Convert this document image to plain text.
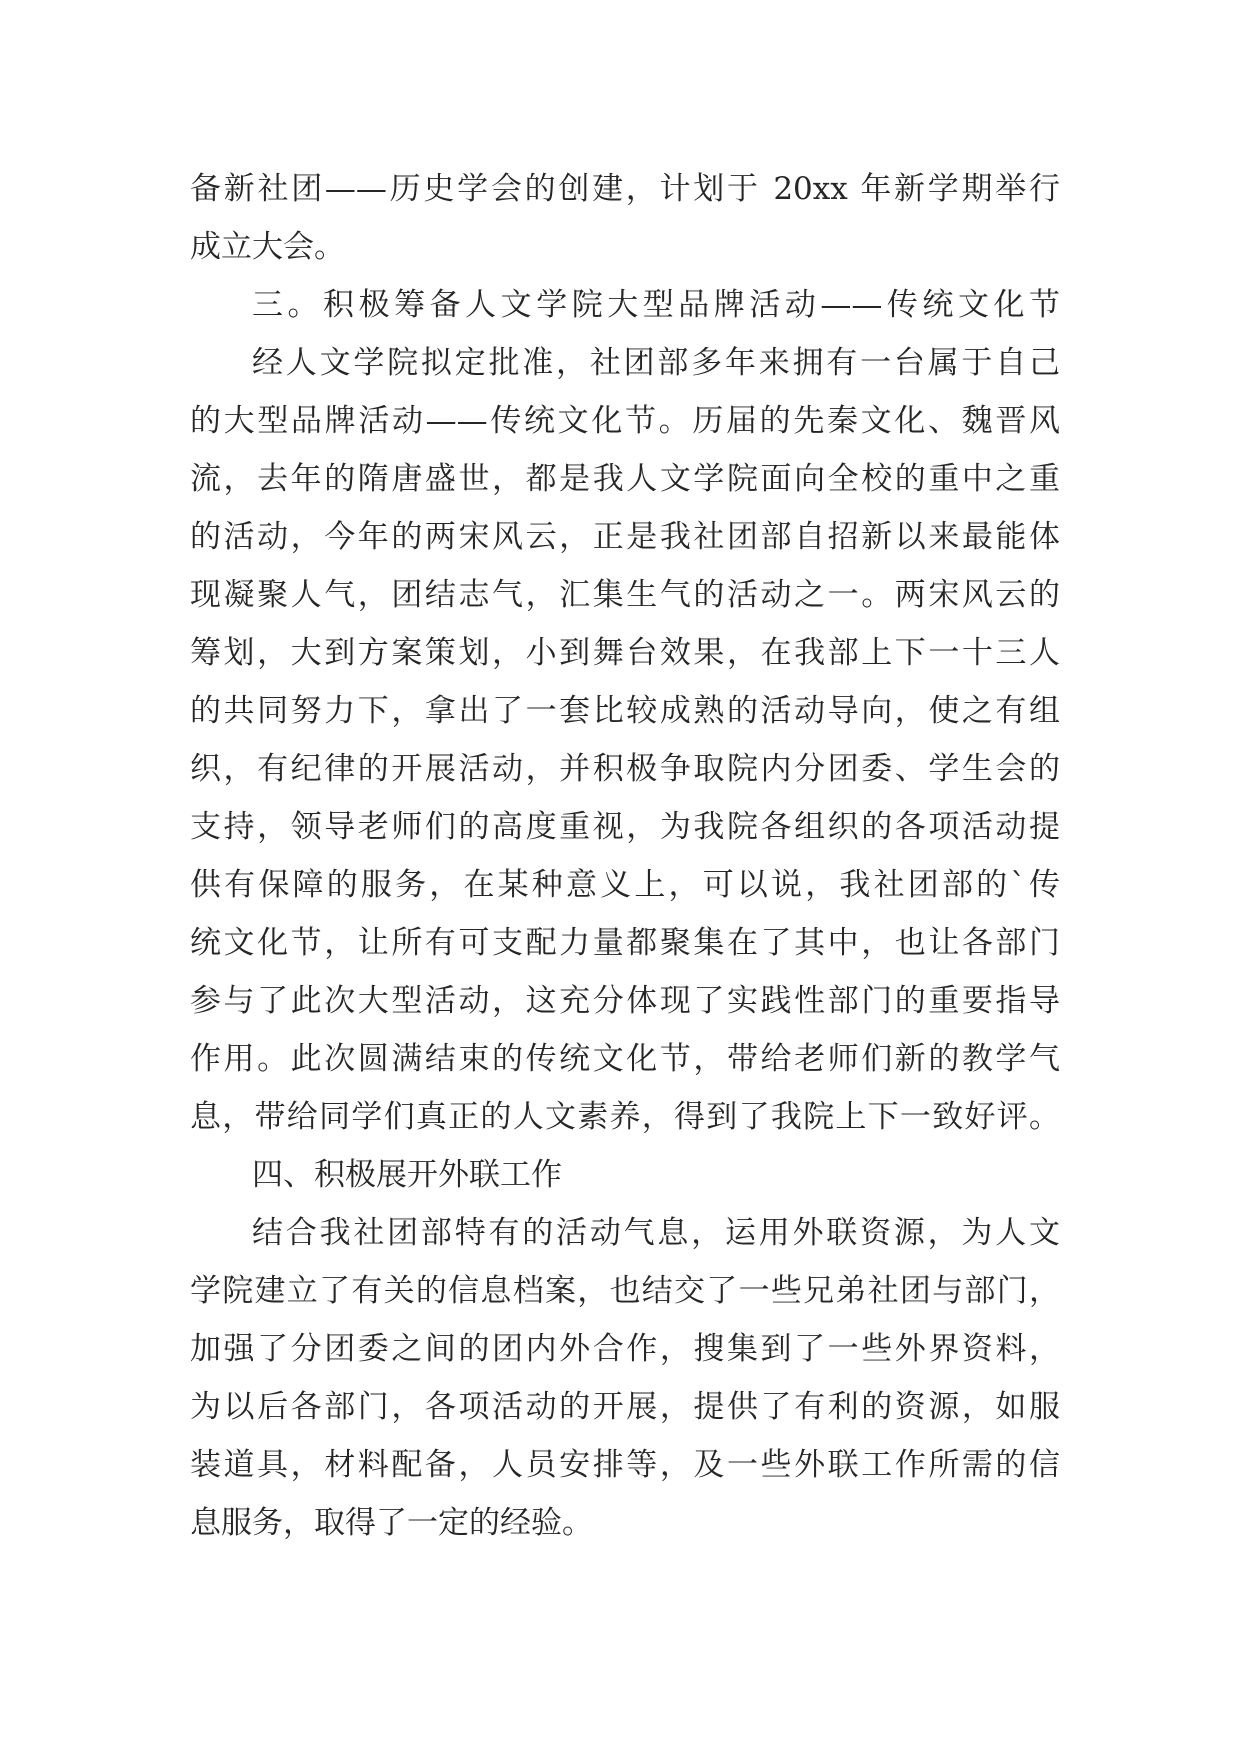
备新社团——历史学会的创建，计划于 20xx 年新学期举行
成立大会。
三。积极筹备人文学院大型品牌活动——传统文化节
经人文学院拟定批准，社团部多年来拥有一台属于自己
的大型品牌活动——传统文化节。历届的先秦文化、魏晋风
流，去年的隋唐盛世，都是我人文学院面向全校的重中之重
的活动，今年的两宋风云，正是我社团部自招新以来最能体
现凝聚人气，团结志气，汇集生气的活动之一。两宋风云的
筹划，大到方案策划，小到舞台效果，在我部上下一十三人
的共同努力下，拿出了一套比较成熟的活动导向，使之有组
织，有纪律的开展活动，并积极争取院内分团委、学生会的
支持，领导老师们的高度重视，为我院各组织的各项活动提
供有保障的服务，在某种意义上，可以说，我社团部的`传
统文化节，让所有可支配力量都聚集在了其中，也让各部门
参与了此次大型活动，这充分体现了实践性部门的重要指导
作用。此次圆满结束的传统文化节，带给老师们新的教学气
息，带给同学们真正的人文素养，得到了我院上下一致好评。
四、积极展开外联工作
结合我社团部特有的活动气息，运用外联资源，为人文
学院建立了有关的信息档案，也结交了一些兄弟社团与部门，
加强了分团委之间的团内外合作，搜集到了一些外界资料，
为以后各部门，各项活动的开展，提供了有利的资源，如服
装道具，材料配备，人员安排等，及一些外联工作所需的信
息服务，取得了一定的经验。
